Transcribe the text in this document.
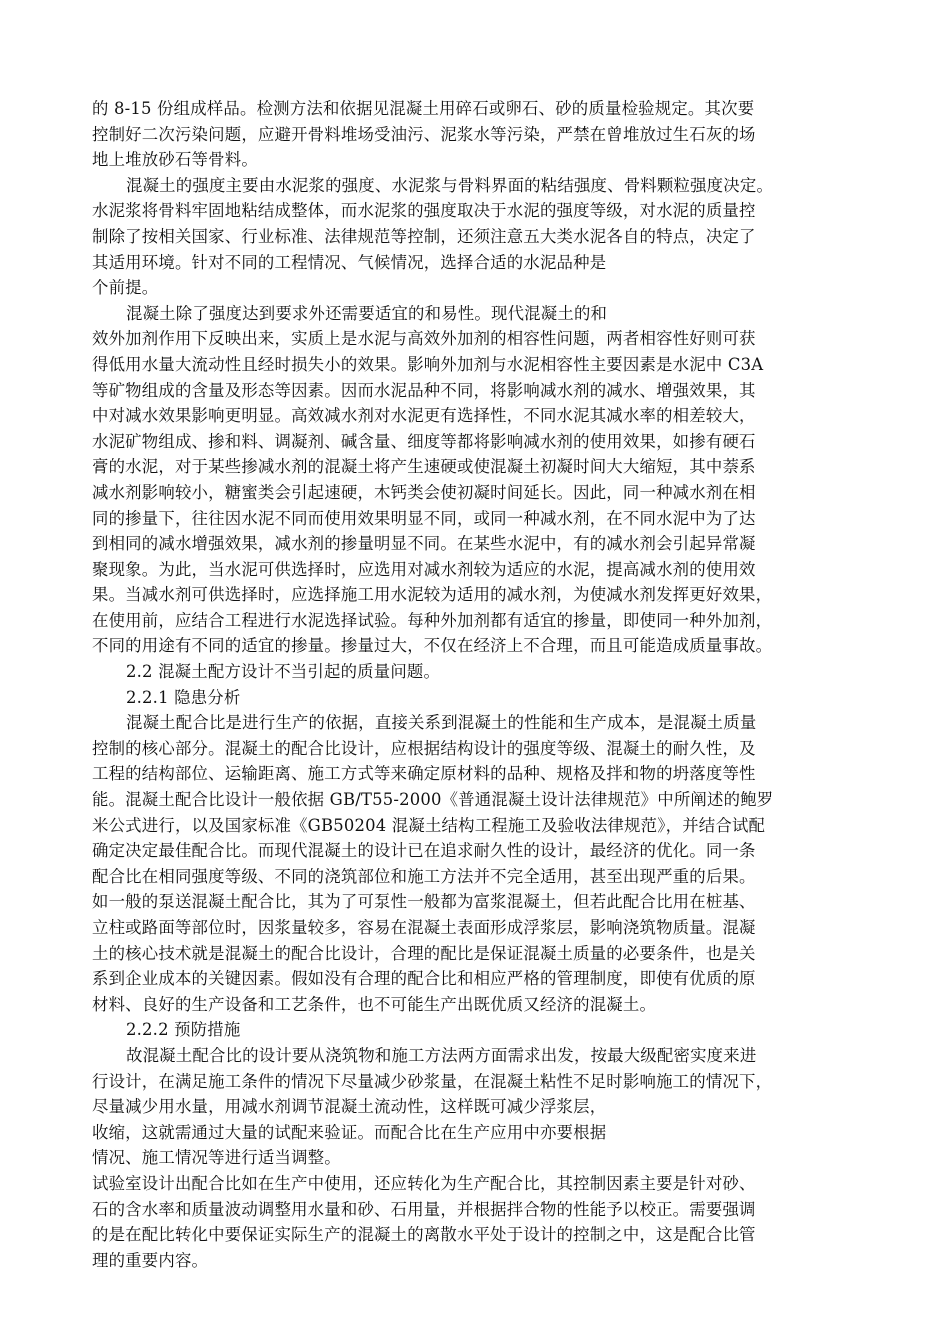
的 8-15 份组成样品。检测方法和依据见混凝土用碎石或卵石、砂的质量检验规定。其次要
控制好二次污染问题，应避开骨料堆场受油污、泥浆水等污染，严禁在曾堆放过生石灰的场
地上堆放砂石等骨料。
混凝土的强度主要由水泥浆的强度、水泥浆与骨料界面的粘结强度、骨料颗粒强度决定。
水泥浆将骨料牢固地粘结成整体，而水泥浆的强度取决于水泥的强度等级，对水泥的质量控
制除了按相关国家、行业标准、法律规范等控制，还须注意五大类水泥各自的特点，决定了
其适用环境。针对不同的工程情况、气候情况，选择合适的水泥品种是
个前提。
混凝土除了强度达到要求外还需要适宜的和易性。现代混凝土的和
效外加剂作用下反映出来，实质上是水泥与高效外加剂的相容性问题，两者相容性好则可获
得低用水量大流动性且经时损失小的效果。影响外加剂与水泥相容性主要因素是水泥中 C3A
等矿物组成的含量及形态等因素。因而水泥品种不同，将影响减水剂的减水、增强效果，其
中对减水效果影响更明显。高效减水剂对水泥更有选择性，不同水泥其减水率的相差较大，
水泥矿物组成、掺和料、调凝剂、碱含量、细度等都将影响减水剂的使用效果，如掺有硬石
膏的水泥，对于某些掺减水剂的混凝土将产生速硬或使混凝土初凝时间大大缩短，其中萘系
减水剂影响较小，糖蜜类会引起速硬，木钙类会使初凝时间延长。因此，同一种减水剂在相
同的掺量下，往往因水泥不同而使用效果明显不同，或同一种减水剂，在不同水泥中为了达
到相同的减水增强效果，减水剂的掺量明显不同。在某些水泥中，有的减水剂会引起异常凝
聚现象。为此，当水泥可供选择时，应选用对减水剂较为适应的水泥，提高减水剂的使用效
果。当减水剂可供选择时，应选择施工用水泥较为适用的减水剂，为使减水剂发挥更好效果，
在使用前，应结合工程进行水泥选择试验。每种外加剂都有适宜的掺量，即使同一种外加剂，
不同的用途有不同的适宜的掺量。掺量过大，不仅在经济上不合理，而且可能造成质量事故。
2.2 混凝土配方设计不当引起的质量问题。
2.2.1 隐患分析
混凝土配合比是进行生产的依据，直接关系到混凝土的性能和生产成本，是混凝土质量
控制的核心部分。混凝土的配合比设计，应根据结构设计的强度等级、混凝土的耐久性，及
工程的结构部位、运输距离、施工方式等来确定原材料的品种、规格及拌和物的坍落度等性
能。混凝土配合比设计一般依据 GB/T55-2000《普通混凝土设计法律规范》中所阐述的鲍罗
米公式进行，以及国家标准《GB50204 混凝土结构工程施工及验收法律规范》，并结合试配
确定决定最佳配合比。而现代混凝土的设计已在追求耐久性的设计，最经济的优化。同一条
配合比在相同强度等级、不同的浇筑部位和施工方法并不完全适用，甚至出现严重的后果。
如一般的泵送混凝土配合比，其为了可泵性一般都为富浆混凝土，但若此配合比用在桩基、
立柱或路面等部位时，因浆量较多，容易在混凝土表面形成浮浆层，影响浇筑物质量。混凝
土的核心技术就是混凝土的配合比设计，合理的配比是保证混凝土质量的必要条件，也是关
系到企业成本的关键因素。假如没有合理的配合比和相应严格的管理制度，即使有优质的原
材料、良好的生产设备和工艺条件，也不可能生产出既优质又经济的混凝土。
2.2.2 预防措施
故混凝土配合比的设计要从浇筑物和施工方法两方面需求出发，按最大级配密实度来进
行设计，在满足施工条件的情况下尽量减少砂浆量，在混凝土粘性不足时影响施工的情况下，
尽量减少用水量，用减水剂调节混凝土流动性，这样既可减少浮浆层，
收缩，这就需通过大量的试配来验证。而配合比在生产应用中亦要根据
情况、施工情况等进行适当调整。
试验室设计出配合比如在生产中使用，还应转化为生产配合比，其控制因素主要是针对砂、
石的含水率和质量波动调整用水量和砂、石用量，并根据拌合物的性能予以校正。需要强调
的是在配比转化中要保证实际生产的混凝土的离散水平处于设计的控制之中，这是配合比管
理的重要内容。
